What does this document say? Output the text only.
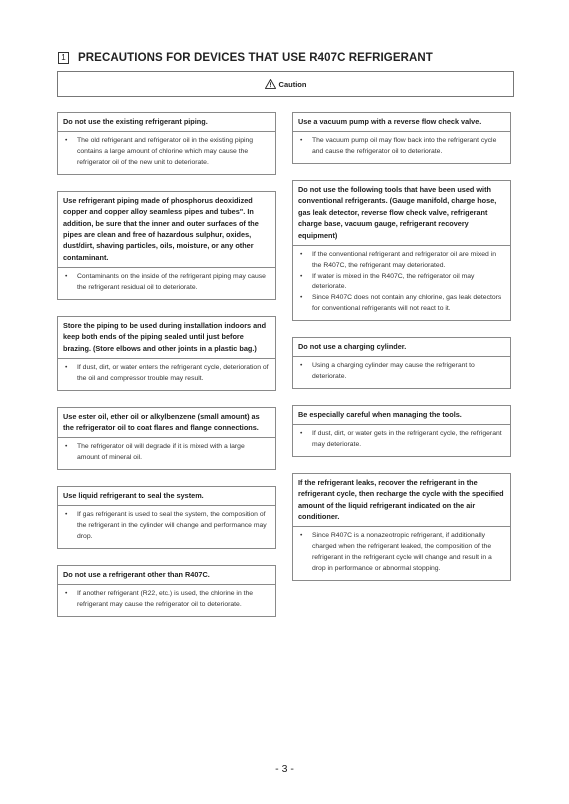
1 PRECAUTIONS FOR DEVICES THAT USE R407C REFRIGERANT
Caution
Do not use the existing refrigerant piping.
•	The old refrigerant and refrigerator oil in the existing piping contains a large amount of chlorine which may cause the refrigerator oil of the new unit to deteriorate.
Use refrigerant piping made of phosphorus deoxidized copper and copper alloy seamless pipes and tubes". In addition, be sure that the inner and outer surfaces of the pipes are clean and free of hazardous sulphur, oxides, dust/dirt, shaving particles, oils, moisture, or any other contaminant.
•	Contaminants on the inside of the refrigerant piping may cause the refrigerant residual oil to deteriorate.
Store the piping to be used during installation indoors and keep both ends of the piping sealed until just before brazing. (Store elbows and other joints in a plastic bag.)
•	If dust, dirt, or water enters the refrigerant cycle, deterioration of the oil and compressor trouble may result.
Use ester oil, ether oil or alkylbenzene (small amount) as the refrigerator oil to coat flares and flange connections.
•	The refrigerator oil will degrade if it is mixed with a large amount of mineral oil.
Use liquid refrigerant to seal the system.
•	If gas refrigerant is used to seal the system, the composition of the refrigerant in the cylinder will change and performance may drop.
Do not use a refrigerant other than R407C.
•	If another refrigerant (R22, etc.) is used, the chlorine in the refrigerant may cause the refrigerator oil to deteriorate.
Use a vacuum pump with a reverse flow check valve.
•	The vacuum pump oil may flow back into the refrigerant cycle and cause the refrigerator oil to deteriorate.
Do not use the following tools that have been used with conventional refrigerants. (Gauge manifold, charge hose, gas leak detector, reverse flow check valve, refrigerant charge base, vacuum gauge, refrigerant recovery equipment)
•	If the conventional refrigerant and refrigerator oil are mixed in the R407C, the refrigerant may deteriorated.
•	If water is mixed in the R407C, the refrigerator oil may deteriorate.
•	Since R407C does not contain any chlorine, gas leak detectors for conventional refrigerants will not react to it.
Do not use a charging cylinder.
•	Using a charging cylinder may cause the refrigerant to deteriorate.
Be especially careful when managing the tools.
•	If dust, dirt, or water gets in the refrigerant cycle, the refrigerant may deteriorate.
If the refrigerant leaks, recover the refrigerant in the refrigerant cycle, then recharge the cycle with the specified amount of the liquid refrigerant indicated on the air conditioner.
•	Since R407C is a nonazeotropic refrigerant, if additionally charged when the refrigerant leaked, the composition of the refrigerant in the refrigerant cycle will change and result in a drop in performance or abnormal stopping.
- 3 -
